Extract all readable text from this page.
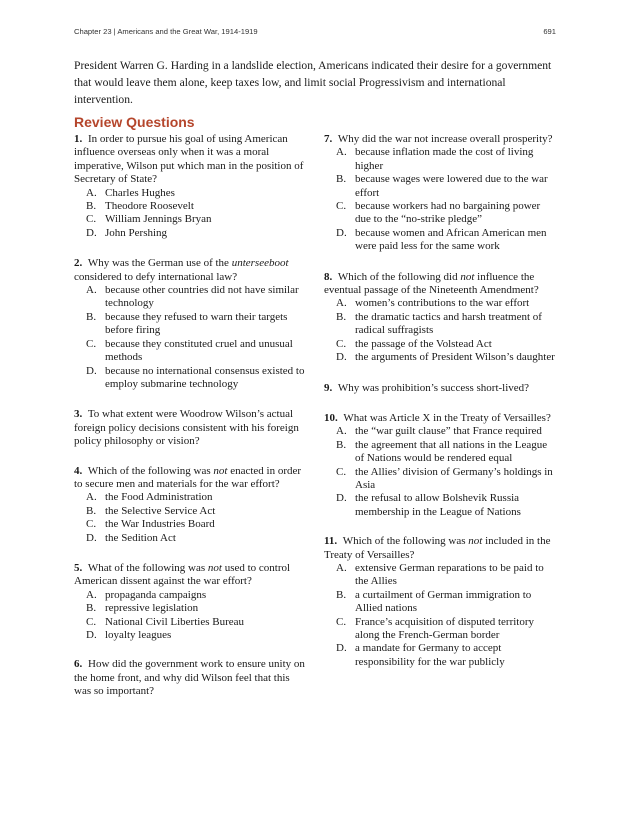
Chapter 23 | Americans and the Great War, 1914-1919	691

President Warren G. Harding in a landslide election, Americans indicated their desire for a government that would leave them alone, keep taxes low, and limit social Progressivism and international intervention.

Review Questions

1. In order to pursue his goal of using American influence overseas only when it was a moral imperative, Wilson put which man in the position of Secretary of State?

A. Charles Hughes
B. Theodore Roosevelt
C. William Jennings Bryan
D. John Pershing

2. Why was the German use of the unterseeboot considered to defy international law?

A. because other countries did not have similar technology
B. because they refused to warn their targets before firing
C. because they constituted cruel and unusual methods
D. because no international consensus existed to employ submarine technology

3. To what extent were Woodrow Wilson’s actual foreign policy decisions consistent with his foreign policy philosophy or vision?

4. Which of the following was not enacted in order to secure men and materials for the war effort?

A. the Food Administration
B. the Selective Service Act
C. the War Industries Board
D. the Sedition Act

5. What of the following was not used to control American dissent against the war effort?

A. propaganda campaigns
B. repressive legislation
C. National Civil Liberties Bureau
D. loyalty leagues

6. How did the government work to ensure unity on the home front, and why did Wilson feel that this was so important?

7. Why did the war not increase overall prosperity?

A. because inflation made the cost of living higher
B. because wages were lowered due to the war effort
C. because workers had no bargaining power due to the “no-strike pledge”
D. because women and African American men were paid less for the same work

8. Which of the following did not influence the eventual passage of the Nineteenth Amendment?

A. women’s contributions to the war effort
B. the dramatic tactics and harsh treatment of radical suffragists
C. the passage of the Volstead Act
D. the arguments of President Wilson’s daughter

9. Why was prohibition’s success short-lived?

10. What was Article X in the Treaty of Versailles?

A. the “war guilt clause” that France required
B. the agreement that all nations in the League of Nations would be rendered equal
C. the Allies’ division of Germany’s holdings in Asia
D. the refusal to allow Bolshevik Russia membership in the League of Nations

11. Which of the following was not included in the Treaty of Versailles?

A. extensive German reparations to be paid to the Allies
B. a curtailment of German immigration to Allied nations
C. France’s acquisition of disputed territory along the French-German border
D. a mandate for Germany to accept responsibility for the war publicly
